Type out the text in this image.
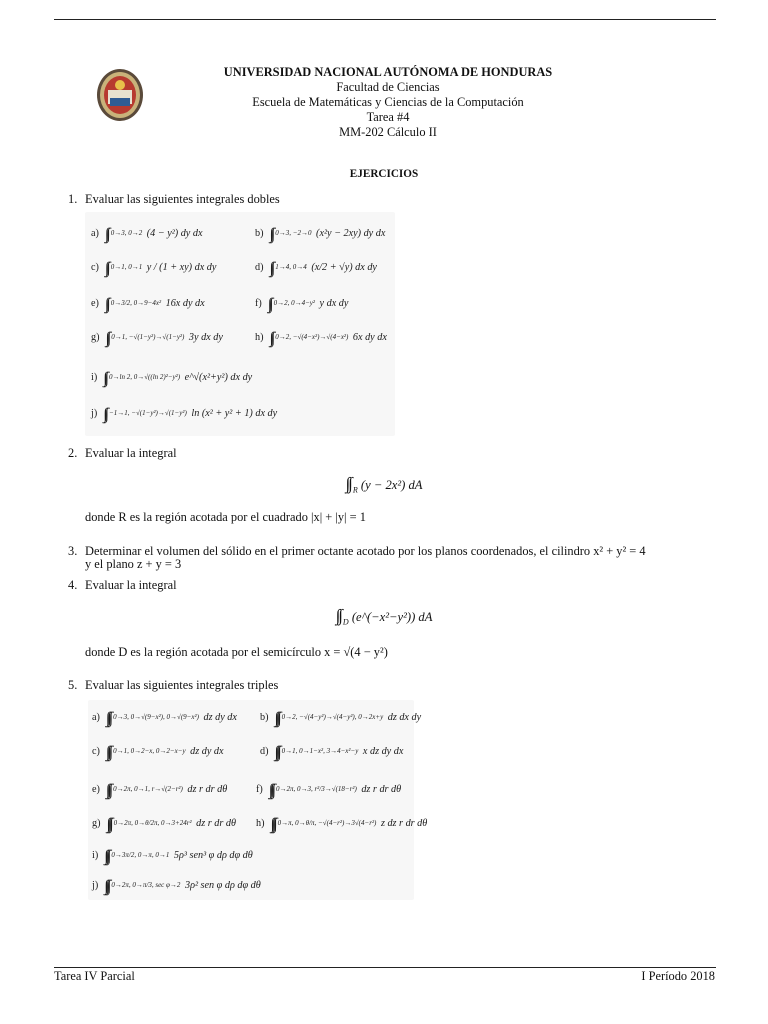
UNIVERSIDAD NACIONAL AUTÓNOMA DE HONDURAS
Facultad de Ciencias
Escuela de Matemáticas y Ciencias de la Computación
Tarea #4
MM-202 Cálculo II
EJERCICIOS
1. Evaluar las siguientes integrales dobles
a) ∫∫ 0→3, 0→2 (4 − y²) dy dx	b) ∫∫ 0→3, −2→0 (x²y − 2xy) dy dx
c) ∫∫ 0→1, 0→1 y / (1 + xy) dx dy	d) ∫∫ 1→4, 0→4 (x/2 + √y) dx dy
e) ∫∫ 0→3/2, 0→9−4x² 16x dy dx	f) ∫∫ 0→2, 0→4−y² y dx dy
g) ∫∫ 0→1, −√(1−y²)→√(1−y²) 3y dx dy	h) ∫∫ 0→2, −√(4−x²)→√(4−x²) 6x dy dx
i) ∫∫ 0→ln 2, 0→√((ln 2)²−y²) e^√(x²+y²) dx dy
j) ∫∫ −1→1, −√(1−y²)→√(1−y²) ln (x² + y² + 1) dx dy
2. Evaluar la integral
∫∫ $_R$ (y − 2x²) dA
donde R es la región acotada por el cuadrado |x| + |y| = 1
3. Determinar el volumen del sólido en el primer octante acotado por los planos coordenados, el cilindro x² + y² = 4
y el plano z + y = 3
4. Evaluar la integral
∫∫ $_D$ (e^(−x²−y²)) dA
donde D es la región acotada por el semicírculo x = √(4 − y²)
5. Evaluar las siguientes integrales triples
a) ∫∫∫ 0→3, 0→√(9−x²), 0→√(9−x²) dz dy dx b) ∫∫∫ 0→2, −√(4−y²)→√(4−y²), 0→2x+y dz dx dy
c) ∫∫∫ 0→1, 0→2−x, 0→2−x−y dz dy dx	d) ∫∫∫ 0→1, 0→1−x², 3→4−x²−y x dz dy dx
e) ∫∫∫ 0→2π, 0→1, r→√(2−r²) dz r dr dθ	f) ∫∫∫ 0→2π, 0→3, r²/3→√(18−r²) dz r dr dθ
g) ∫∫∫ 0→2π, 0→θ/2π, 0→3+24r² dz r dr dθ h) ∫∫∫ 0→π, 0→θ/π, −√(4−r²)→3√(4−r²) z dz r dr dθ
i) ∫∫∫ 0→3π/2, 0→π, 0→1 5ρ³ sen³ φ dρ dφ dθ
j) ∫∫∫ 0→2π, 0→π/3, sec φ→2 3ρ² sen φ dρ dφ dθ
Tarea IV Parcial	I Período 2018
